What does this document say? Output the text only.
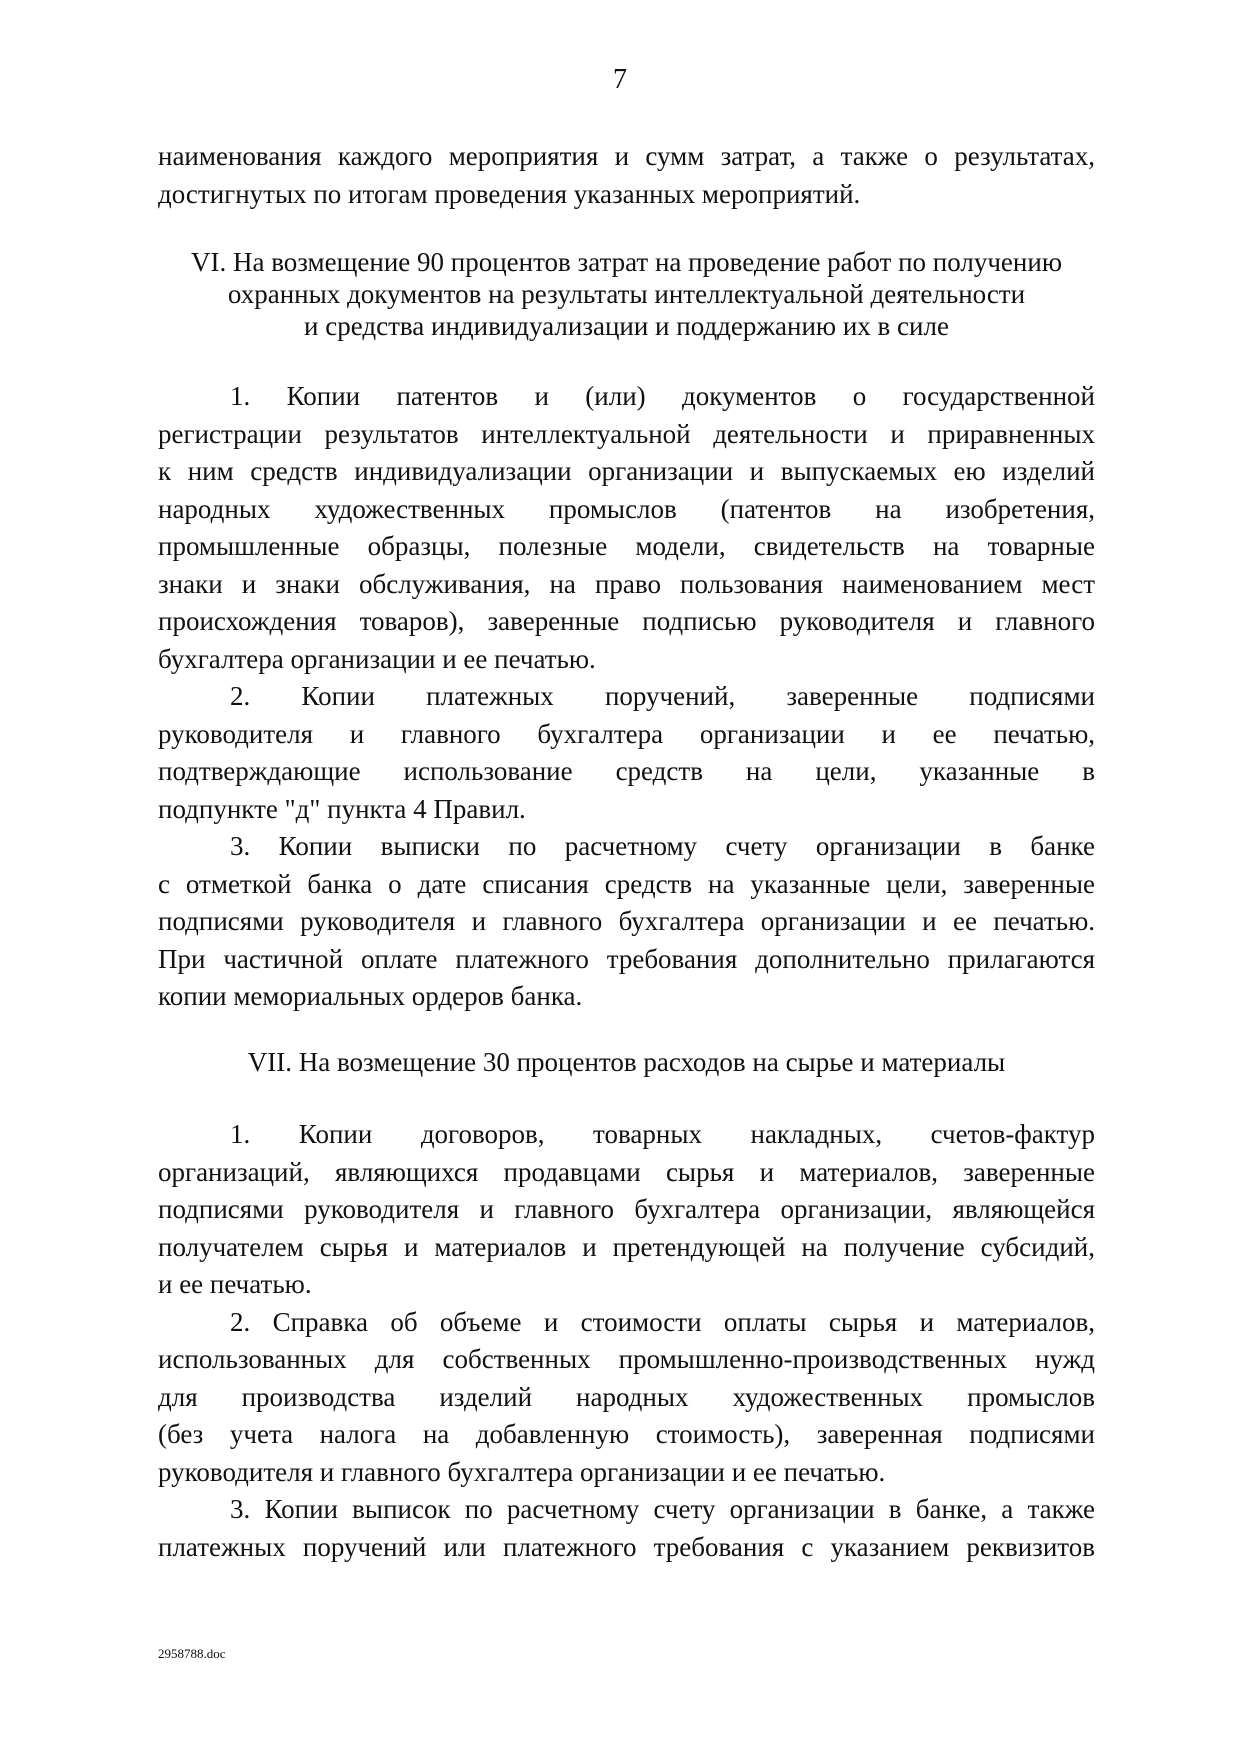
7
наименования каждого мероприятия и сумм затрат, а также о результатах,
достигнутых по итогам проведения указанных мероприятий.
VI. На возмещение 90 процентов затрат на проведение работ по получению
охранных документов на результаты интеллектуальной деятельности
и средства индивидуализации и поддержанию их в силе
1. Копии патентов и (или) документов о государственной
регистрации результатов интеллектуальной деятельности и приравненных
к ним средств индивидуализации организации и выпускаемых ею изделий
народных художественных промыслов (патентов на изобретения,
промышленные образцы, полезные модели, свидетельств на товарные
знаки и знаки обслуживания, на право пользования наименованием мест
происхождения товаров), заверенные подписью руководителя и главного
бухгалтера организации и ее печатью.
2. Копии платежных поручений, заверенные подписями
руководителя и главного бухгалтера организации и ее печатью,
подтверждающие использование средств на цели, указанные в
подпункте "д" пункта 4 Правил.
3. Копии выписки по расчетному счету организации в банке
с отметкой банка о дате списания средств на указанные цели, заверенные
подписями руководителя и главного бухгалтера организации и ее печатью.
При частичной оплате платежного требования дополнительно прилагаются
копии мемориальных ордеров банка.
VII. На возмещение 30 процентов расходов на сырье и материалы
1. Копии договоров, товарных накладных, счетов-фактур
организаций, являющихся продавцами сырья и материалов, заверенные
подписями руководителя и главного бухгалтера организации, являющейся
получателем сырья и материалов и претендующей на получение субсидий,
и ее печатью.
2. Справка об объеме и стоимости оплаты сырья и материалов,
использованных для собственных промышленно-производственных нужд
для производства изделий народных художественных промыслов
(без учета налога на добавленную стоимость), заверенная подписями
руководителя и главного бухгалтера организации и ее печатью.
3. Копии выписок по расчетному счету организации в банке, а также
платежных поручений или платежного требования с указанием реквизитов
2958788.doc
